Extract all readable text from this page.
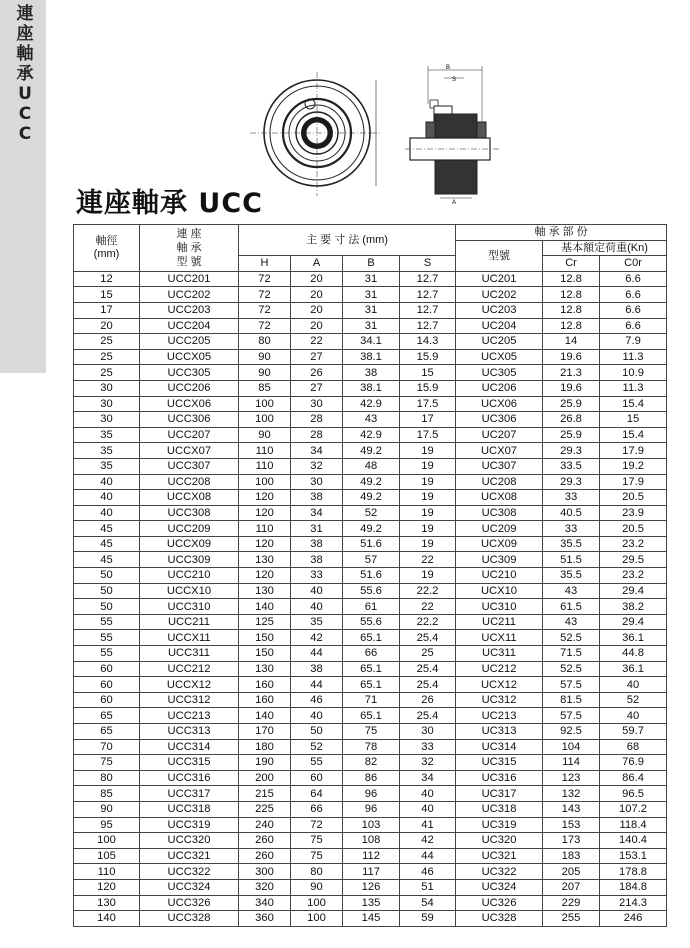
連座軸承UCC
B
S
A
連座軸承 UCC
軸徑
(mm)	連 座
軸 承
型 號	主 要 寸 法 (mm)				軸 承 部 份		
						型號	基本額定荷重(Kn)	
		H	A	B	S		Cr	C0r
12	UCC201	72	20	31	12.7	UC201	12.8	6.6
15	UCC202	72	20	31	12.7	UC202	12.8	6.6
17	UCC203	72	20	31	12.7	UC203	12.8	6.6
20	UCC204	72	20	31	12.7	UC204	12.8	6.6
25	UCC205	80	22	34.1	14.3	UC205	14	7.9
25	UCCX05	90	27	38.1	15.9	UCX05	19.6	11.3
25	UCC305	90	26	38	15	UC305	21.3	10.9
30	UCC206	85	27	38.1	15.9	UC206	19.6	11.3
30	UCCX06	100	30	42.9	17.5	UCX06	25.9	15.4
30	UCC306	100	28	43	17	UC306	26.8	15
35	UCC207	90	28	42.9	17.5	UC207	25.9	15.4
35	UCCX07	110	34	49.2	19	UCX07	29.3	17.9
35	UCC307	110	32	48	19	UC307	33.5	19.2
40	UCC208	100	30	49.2	19	UC208	29.3	17.9
40	UCCX08	120	38	49.2	19	UCX08	33	20.5
40	UCC308	120	34	52	19	UC308	40.5	23.9
45	UCC209	110	31	49.2	19	UC209	33	20.5
45	UCCX09	120	38	51.6	19	UCX09	35.5	23.2
45	UCC309	130	38	57	22	UC309	51.5	29.5
50	UCC210	120	33	51.6	19	UC210	35.5	23.2
50	UCCX10	130	40	55.6	22.2	UCX10	43	29.4
50	UCC310	140	40	61	22	UC310	61.5	38.2
55	UCC211	125	35	55.6	22.2	UC211	43	29.4
55	UCCX11	150	42	65.1	25.4	UCX11	52.5	36.1
55	UCC311	150	44	66	25	UC311	71.5	44.8
60	UCC212	130	38	65.1	25.4	UC212	52.5	36.1
60	UCCX12	160	44	65.1	25.4	UCX12	57.5	40
60	UCC312	160	46	71	26	UC312	81.5	52
65	UCC213	140	40	65.1	25.4	UC213	57.5	40
65	UCC313	170	50	75	30	UC313	92.5	59.7
70	UCC314	180	52	78	33	UC314	104	68
75	UCC315	190	55	82	32	UC315	114	76.9
80	UCC316	200	60	86	34	UC316	123	86.4
85	UCC317	215	64	96	40	UC317	132	96.5
90	UCC318	225	66	96	40	UC318	143	107.2
95	UCC319	240	72	103	41	UC319	153	118.4
100	UCC320	260	75	108	42	UC320	173	140.4
105	UCC321	260	75	112	44	UC321	183	153.1
110	UCC322	300	80	117	46	UC322	205	178.8
120	UCC324	320	90	126	51	UC324	207	184.8
130	UCC326	340	100	135	54	UC326	229	214.3
140	UCC328	360	100	145	59	UC328	255	246
